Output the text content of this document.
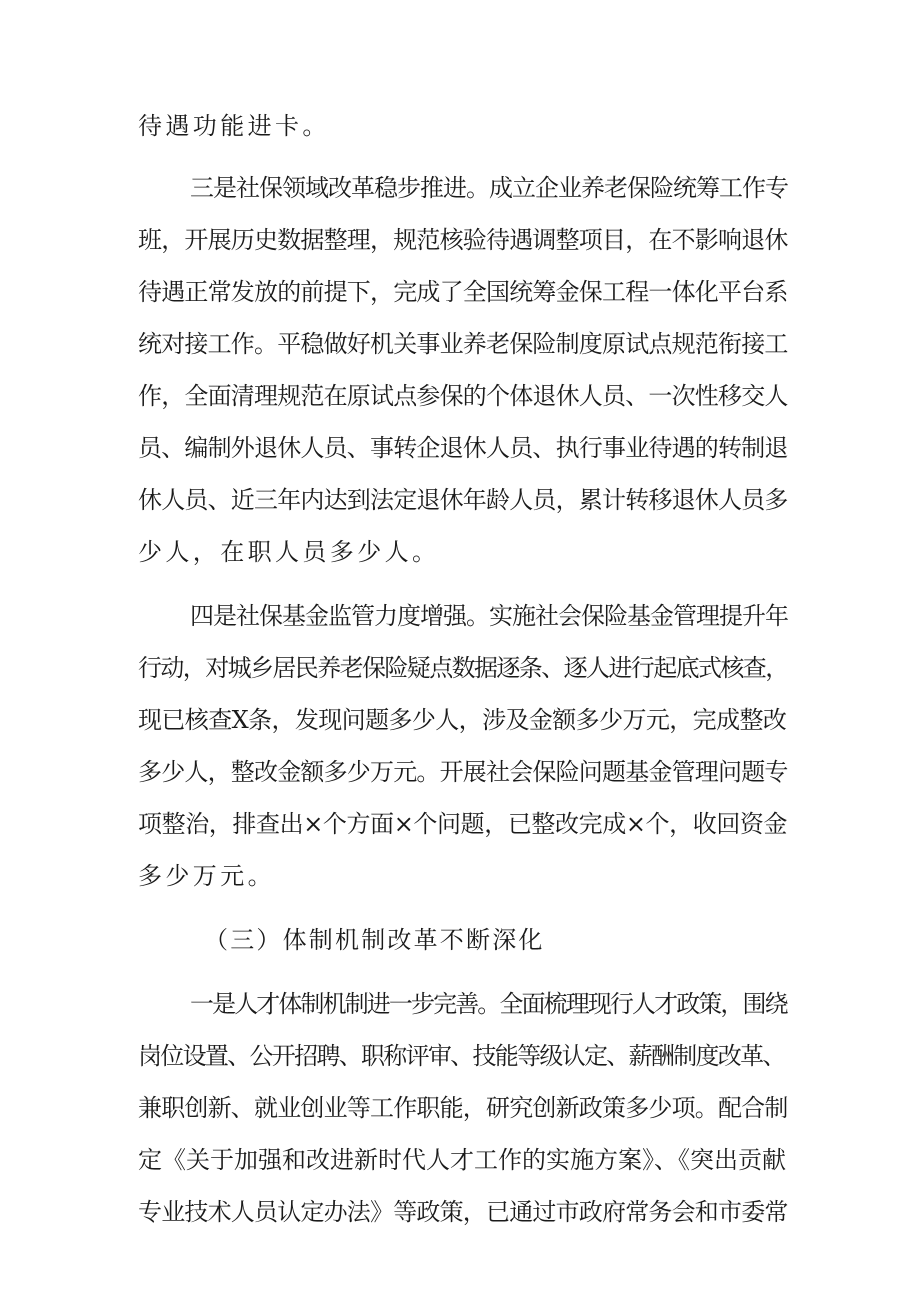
待遇功能进卡。
三是社保领域改革稳步推进。成立企业养老保险统筹工作专
班，开展历史数据整理，规范核验待遇调整项目，在不影响退休
待遇正常发放的前提下，完成了全国统筹金保工程一体化平台系
统对接工作。平稳做好机关事业养老保险制度原试点规范衔接工
作，全面清理规范在原试点参保的个体退休人员、一次性移交人
员、编制外退休人员、事转企退休人员、执行事业待遇的转制退
休人员、近三年内达到法定退休年龄人员，累计转移退休人员多
少人，在职人员多少人。
四是社保基金监管力度增强。实施社会保险基金管理提升年
行动，对城乡居民养老保险疑点数据逐条、逐人进行起底式核查，
现已核查X条，发现问题多少人，涉及金额多少万元，完成整改
多少人，整改金额多少万元。开展社会保险问题基金管理问题专
项整治，排查出×个方面×个问题，已整改完成×个，收回资金
多少万元。
（三）体制机制改革不断深化
一是人才体制机制进一步完善。全面梳理现行人才政策，围绕
岗位设置、公开招聘、职称评审、技能等级认定、薪酬制度改革、
兼职创新、就业创业等工作职能，研究创新政策多少项。配合制
定《关于加强和改进新时代人才工作的实施方案》、《突出贡献
专业技术人员认定办法》等政策，已通过市政府常务会和市委常
